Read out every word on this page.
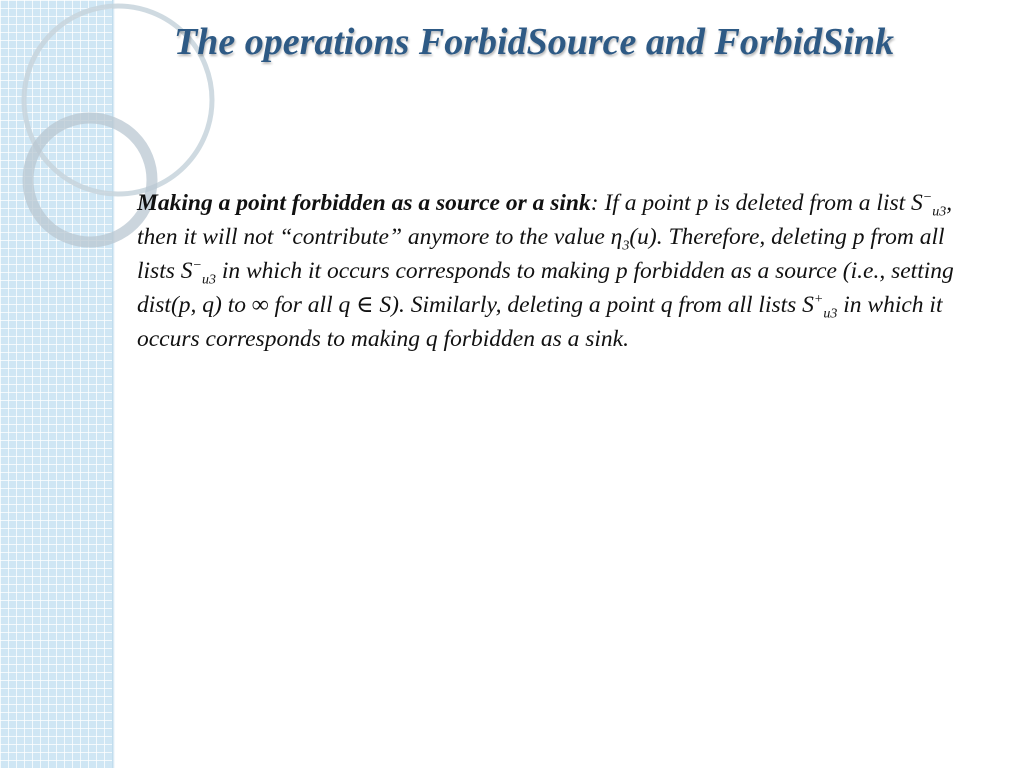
The operations ForbidSource and ForbidSink

Making a point forbidden as a source or a sink: If a point p is deleted from a list $S^-_{u3}$, then it will not “contribute” anymore to the value $\eta_3(u)$. Therefore, deleting p from all lists $S^-_{u3}$ in which it occurs corresponds to making p forbidden as a source (i.e., setting dist(p, q) to ∞ for all q ∈ S). Similarly, deleting a point q from all lists $S^+_{u3}$ in which it occurs corresponds to making q forbidden as a sink.
